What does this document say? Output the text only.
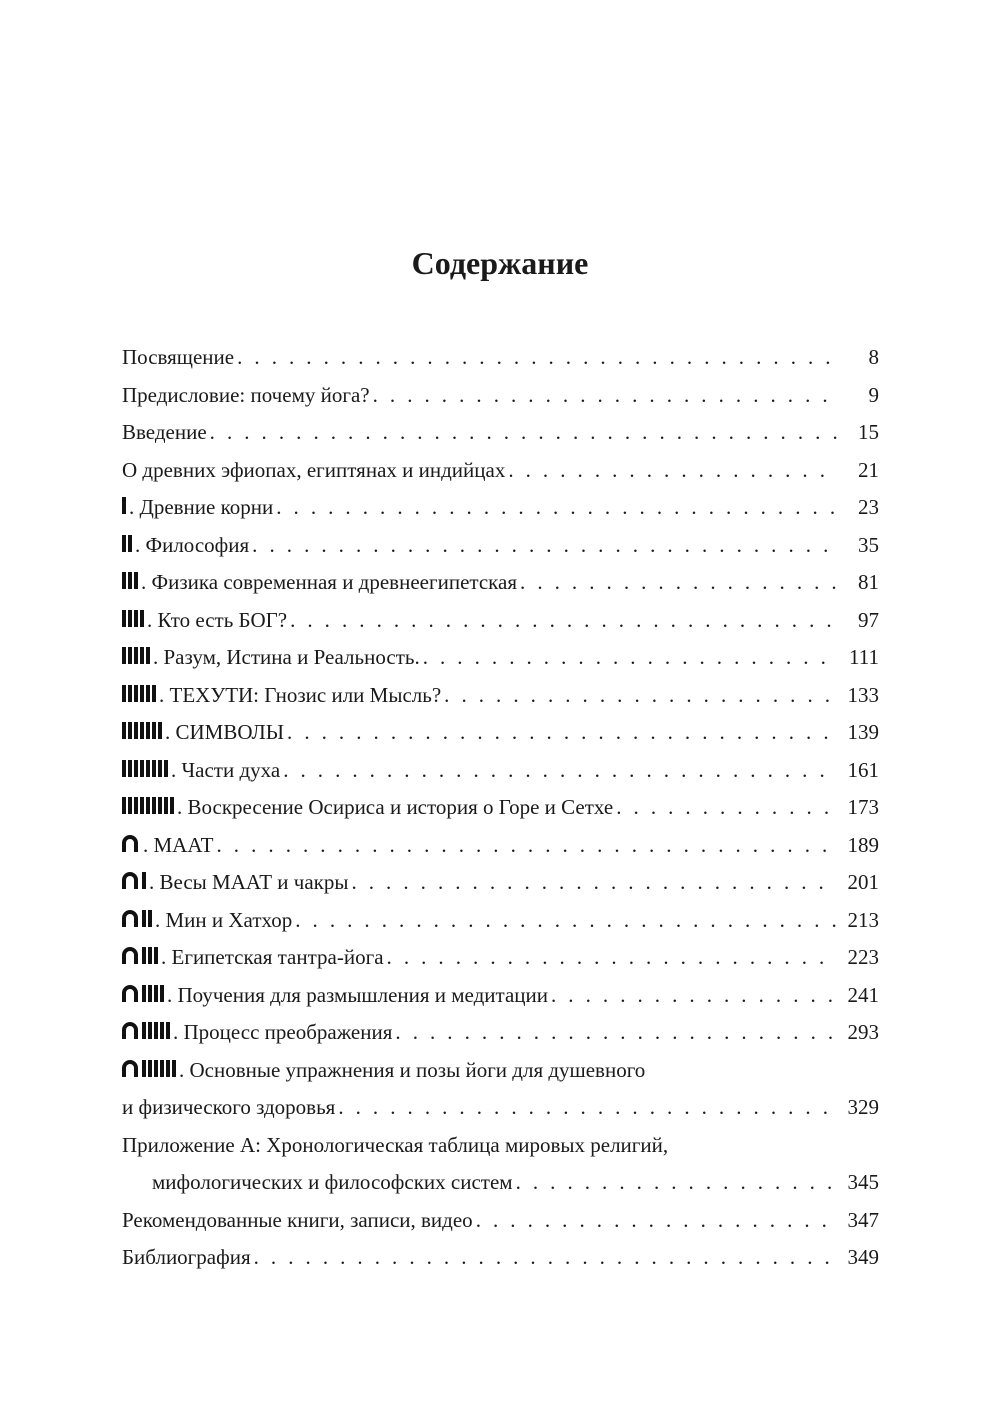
Содержание
Посвящение . . .	8
Предисловие: почему йога? . . .	9
Введение . . .	15
О древних эфиопах, египтянах и индийцах . . .	21
. Древние корни . . .	23
. Философия . . .	35
. Физика современная и древнеегипетская . . .	81
. Кто есть БОГ? . . .	97
. Разум, Истина и Реальность. . . .	111
. ТЕХУТИ: Гнозис или Мысль? . . .	133
. СИМВОЛЫ . . .	139
. Части духа . . .	161
. Воскресение Осириса и история о Горе и Сетхе . . .	173
. МААТ . . .	189
. Весы МААТ и чакры . . .	201
. Мин и Хатхор . . .	213
. Египетская тантра-йога . . .	223
. Поучения для размышления и медитации . . .	241
. Процесс преображения . . .	293
. Основные упражнения и позы йоги для душевного
и физического здоровья . . .	329
Приложение А: Хронологическая таблица мировых религий,
мифологических и философских систем . . .	345
Рекомендованные книги, записи, видео . . .	347
Библиография . . .	349
